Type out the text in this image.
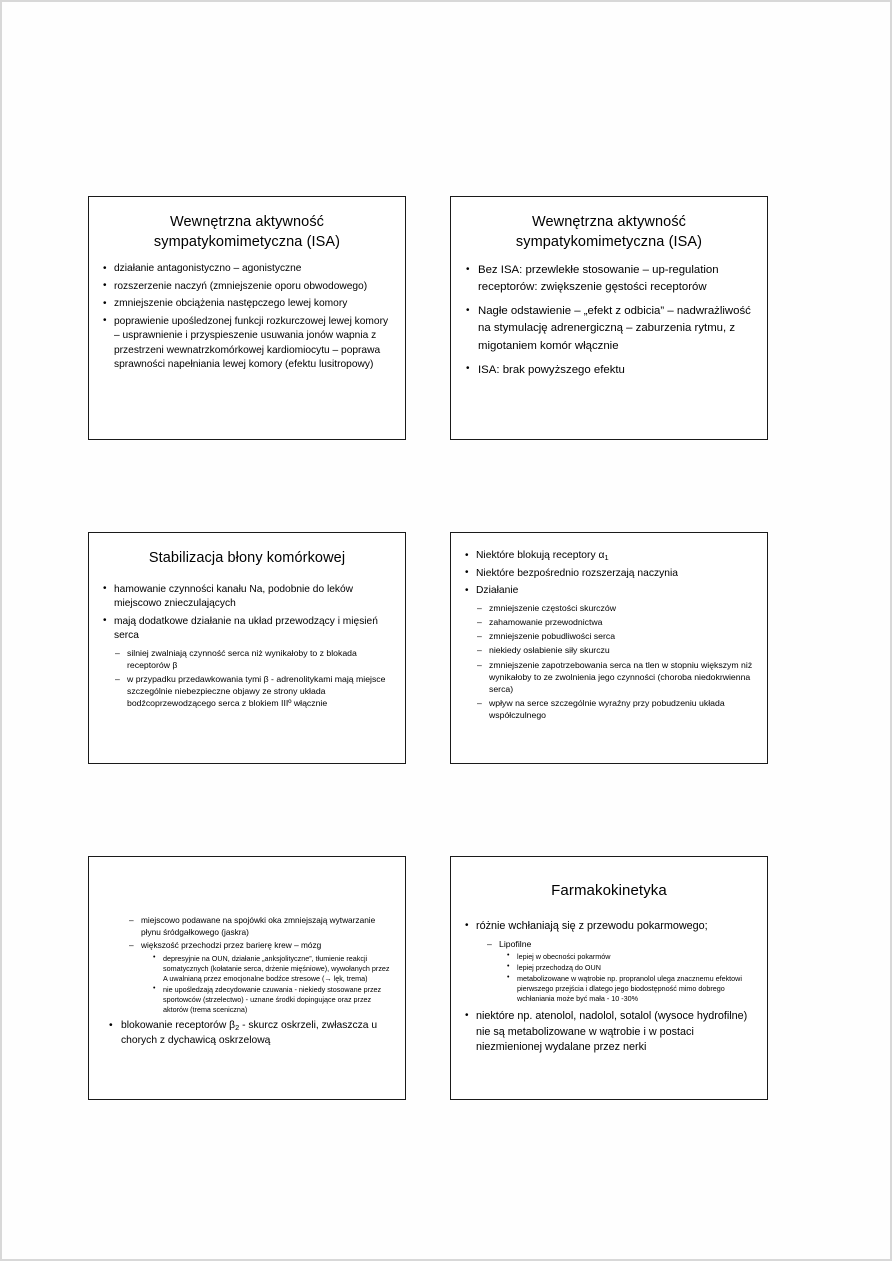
Wewnętrzna aktywność
sympatykomimetyczna (ISA)
• działanie antagonistyczno – agonistyczne
• rozszerzenie naczyń (zmniejszenie oporu obwodowego)
• zmniejszenie obciążenia następczego lewej komory
• poprawienie upośledzonej funkcji rozkurczowej lewej komory – usprawnienie i przyspieszenie usuwania jonów wapnia z przestrzeni wewnatrzkomórkowej kardiomiocytu – poprawa sprawności napełniania lewej komory (efektu lusitropowy)
Wewnętrzna aktywność
sympatykomimetyczna (ISA)
• Bez ISA: przewlekłe stosowanie – up-regulation receptorów: zwiększenie gęstości receptorów
• Nagłe odstawienie – „efekt z odbicia” – nadwrażliwość na stymulację adrenergiczną – zaburzenia rytmu, z migotaniem komór włącznie
• ISA: brak powyższego efektu
Stabilizacja błony komórkowej
• hamowanie czynności kanału Na, podobnie do leków miejscowo znieczulających
• mają dodatkowe działanie na układ przewodzący i mięsień serca
– silniej zwalniają czynność serca niż wynikałoby to z blokada receptorów β
– w przypadku przedawkowania tymi β - adrenolitykami mają miejsce szczególnie niebezpieczne objawy ze strony układa bodźcoprzewodzącego serca z blokiem IIIº włącznie
• Niektóre blokują receptory $\alpha_1$
• Niektóre bezpośrednio rozszerzają naczynia
• Działanie
– zmniejszenie częstości skurczów
– zahamowanie przewodnictwa
– zmniejszenie pobudliwości serca
– niekiedy osłabienie siły skurczu
– zmniejszenie zapotrzebowania serca na tlen w stopniu większym niż wynikałoby to ze zwolnienia jego czynności (choroba niedokrwienna serca)
– wpływ na serce szczególnie wyraźny przy pobudzeniu układa współczulnego
– miejscowo podawane na spojówki oka zmniejszają wytwarzanie płynu śródgałkowego (jaskra)
– większość przechodzi przez barierę krew – mózg
• depresyjnie na OUN, działanie „anksjolityczne”, tłumienie reakcji somatycznych (kołatanie serca, drżenie mięśniowe), wywołanych przez A uwalnianą przez emocjonalne bodźce stresowe (→ lęk, trema)
• nie upośledzają zdecydowanie czuwania - niekiedy stosowane przez sportowców (strzelectwo) - uznane środki dopingujące oraz przez aktorów (trema sceniczna)
• blokowanie receptorów $\beta_2$ - skurcz oskrzeli, zwłaszcza u chorych z dychawicą oskrzelową
Farmakokinetyka
• różnie wchłaniają się z przewodu pokarmowego;
– Lipofilne
• lepiej w obecności pokarmów
• lepiej przechodzą do OUN
• metabolizowane w wątrobie np. propranolol ulega znacznemu efektowi pierwszego przejścia i dlatego jego biodostępność mimo dobrego wchłaniania może być mała - 10 -30%
• niektóre np. atenolol, nadolol, sotalol (wysoce hydrofilne) nie są metabolizowane w wątrobie i w postaci niezmienionej wydalane przez nerki
